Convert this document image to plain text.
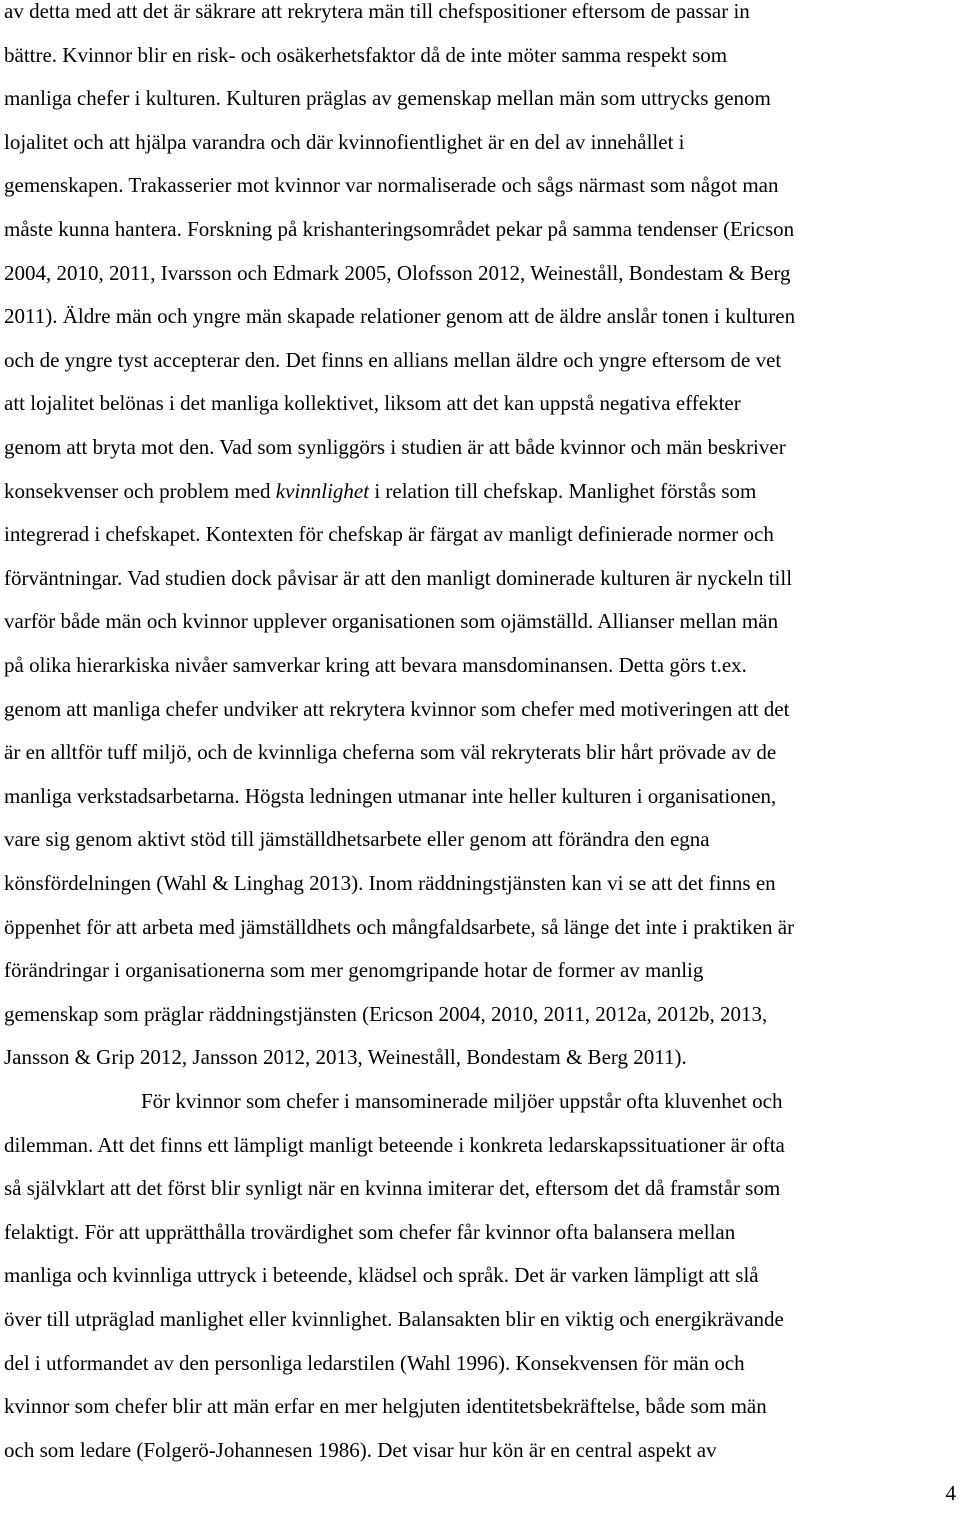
av detta med att det är säkrare att rekrytera män till chefspositioner eftersom de passar in
bättre. Kvinnor blir en risk- och osäkerhetsfaktor då de inte möter samma respekt som
manliga chefer i kulturen. Kulturen präglas av gemenskap mellan män som uttrycks genom
lojalitet och att hjälpa varandra och där kvinnofientlighet är en del av innehållet i
gemenskapen. Trakasserier mot kvinnor var normaliserade och sågs närmast som något man
måste kunna hantera. Forskning på krishanteringsområdet pekar på samma tendenser (Ericson
2004, 2010, 2011, Ivarsson och Edmark 2005, Olofsson 2012, Weineståll, Bondestam & Berg
2011). Äldre män och yngre män skapade relationer genom att de äldre anslår tonen i kulturen
och de yngre tyst accepterar den. Det finns en allians mellan äldre och yngre eftersom de vet
att lojalitet belönas i det manliga kollektivet, liksom att det kan uppstå negativa effekter
genom att bryta mot den. Vad som synliggörs i studien är att både kvinnor och män beskriver
konsekvenser och problem med kvinnlighet i relation till chefskap. Manlighet förstås som
integrerad i chefskapet. Kontexten för chefskap är färgat av manligt definierade normer och
förväntningar. Vad studien dock påvisar är att den manligt dominerade kulturen är nyckeln till
varför både män och kvinnor upplever organisationen som ojämställd. Allianser mellan män
på olika hierarkiska nivåer samverkar kring att bevara mansdominansen. Detta görs t.ex.
genom att manliga chefer undviker att rekrytera kvinnor som chefer med motiveringen att det
är en alltför tuff miljö, och de kvinnliga cheferna som väl rekryterats blir hårt prövade av de
manliga verkstadsarbetarna. Högsta ledningen utmanar inte heller kulturen i organisationen,
vare sig genom aktivt stöd till jämställdhetsarbete eller genom att förändra den egna
könsfördelningen (Wahl & Linghag 2013). Inom räddningstjänsten kan vi se att det finns en
öppenhet för att arbeta med jämställdhets och mångfaldsarbete, så länge det inte i praktiken är
förändringar i organisationerna som mer genomgripande hotar de former av manlig
gemenskap som präglar räddningstjänsten (Ericson 2004, 2010, 2011, 2012a, 2012b, 2013,
Jansson & Grip 2012, Jansson 2012, 2013, Weineståll, Bondestam & Berg 2011).
För kvinnor som chefer i mansominerade miljöer uppstår ofta kluvenhet och
dilemman. Att det finns ett lämpligt manligt beteende i konkreta ledarskapssituationer är ofta
så självklart att det först blir synligt när en kvinna imiterar det, eftersom det då framstår som
felaktigt. För att upprätthålla trovärdighet som chefer får kvinnor ofta balansera mellan
manliga och kvinnliga uttryck i beteende, klädsel och språk. Det är varken lämpligt att slå
över till utpräglad manlighet eller kvinnlighet. Balansakten blir en viktig och energikrävande
del i utformandet av den personliga ledarstilen (Wahl 1996). Konsekvensen för män och
kvinnor som chefer blir att män erfar en mer helgjuten identitetsbekräftelse, både som män
och som ledare (Folgerö-Johannesen 1986). Det visar hur kön är en central aspekt av
4
